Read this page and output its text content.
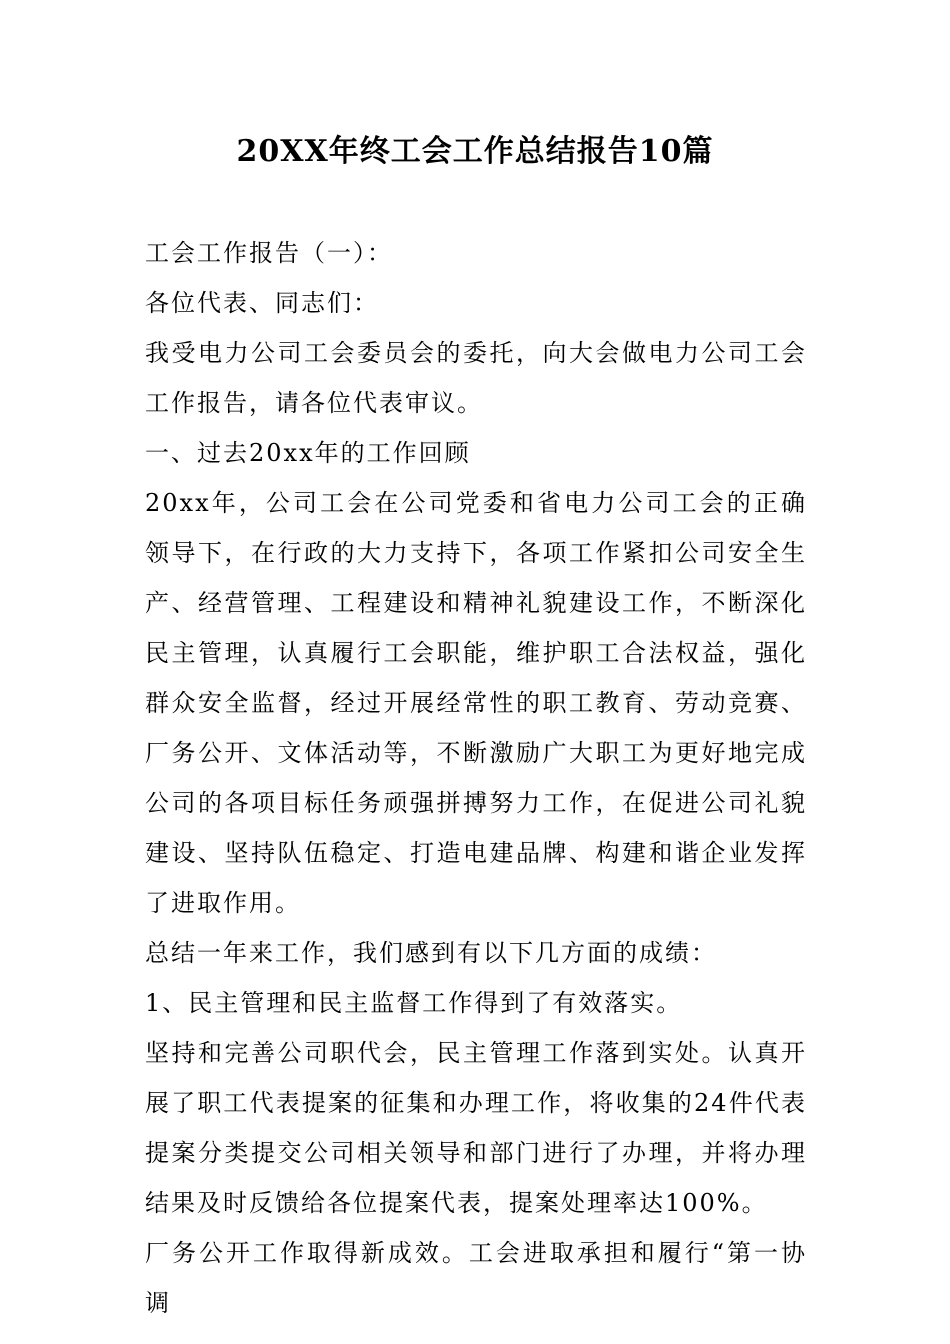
20XX年终工会工作总结报告10篇

工会工作报告（一）：

各位代表、同志们：

我受电力公司工会委员会的委托，向大会做电力公司工会工作报告，请各位代表审议。

一、过去20xx年的工作回顾

20xx年，公司工会在公司党委和省电力公司工会的正确领导下，在行政的大力支持下，各项工作紧扣公司安全生产、经营管理、工程建设和精神礼貌建设工作，不断深化民主管理，认真履行工会职能，维护职工合法权益，强化群众安全监督，经过开展经常性的职工教育、劳动竞赛、厂务公开、文体活动等，不断激励广大职工为更好地完成公司的各项目标任务顽强拼搏努力工作，在促进公司礼貌建设、坚持队伍稳定、打造电建品牌、构建和谐企业发挥了进取作用。

总结一年来工作，我们感到有以下几方面的成绩：

1、民主管理和民主监督工作得到了有效落实。

坚持和完善公司职代会，民主管理工作落到实处。认真开展了职工代表提案的征集和办理工作，将收集的24件代表提案分类提交公司相关领导和部门进行了办理，并将办理结果及时反馈给各位提案代表，提案处理率达100%。

厂务公开工作取得新成效。工会进取承担和履行“第一协调
